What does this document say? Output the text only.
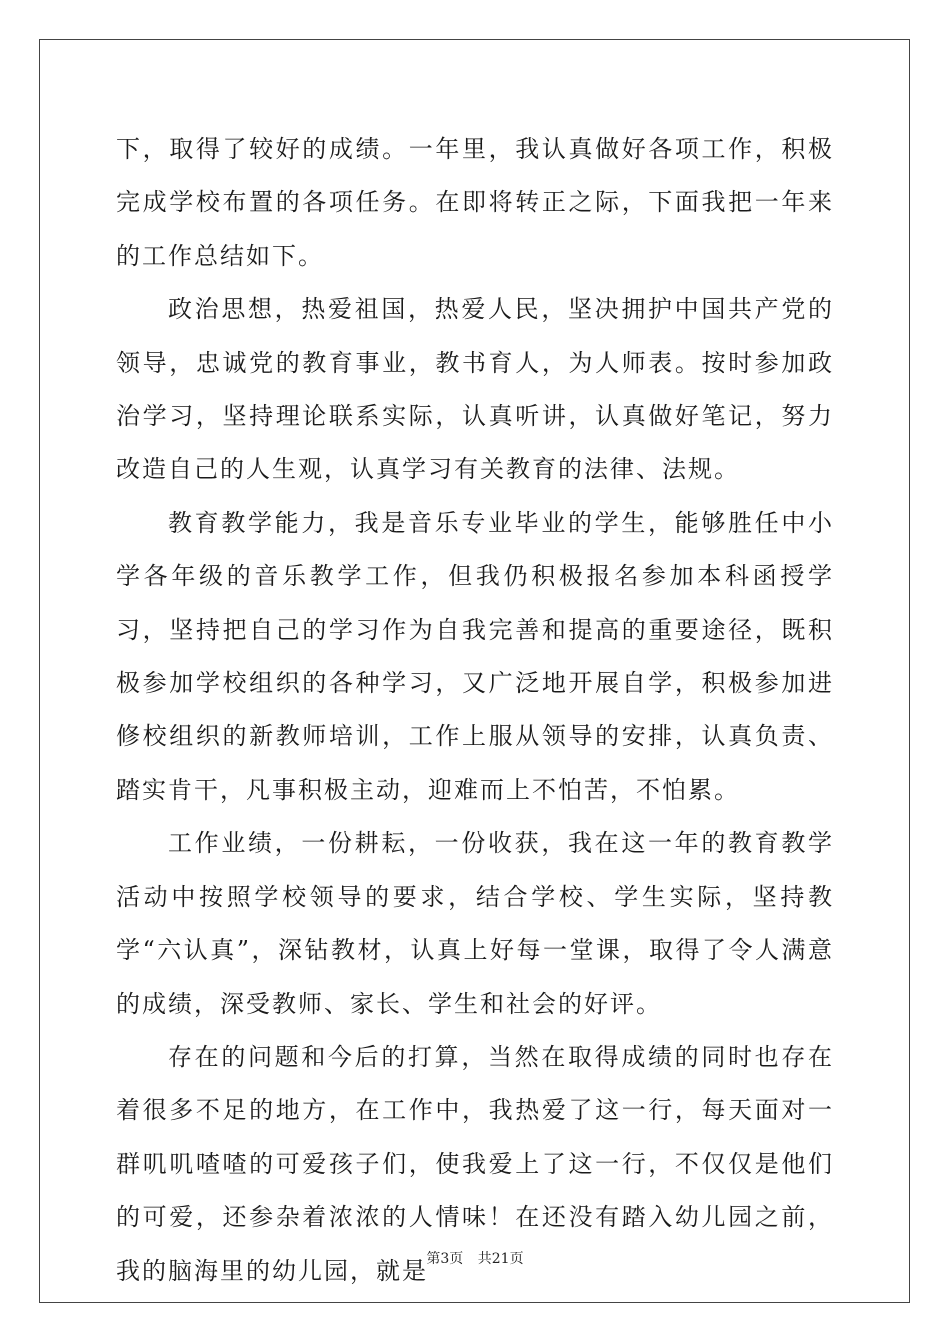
下，取得了较好的成绩。一年里，我认真做好各项工作，积极完成学校布置的各项任务。在即将转正之际，下面我把一年来的工作总结如下。

政治思想，热爱祖国，热爱人民，坚决拥护中国共产党的领导，忠诚党的教育事业，教书育人，为人师表。按时参加政治学习，坚持理论联系实际，认真听讲，认真做好笔记，努力改造自己的人生观，认真学习有关教育的法律、法规。

教育教学能力，我是音乐专业毕业的学生，能够胜任中小学各年级的音乐教学工作，但我仍积极报名参加本科函授学习，坚持把自己的学习作为自我完善和提高的重要途径，既积极参加学校组织的各种学习，又广泛地开展自学，积极参加进修校组织的新教师培训，工作上服从领导的安排，认真负责、踏实肯干，凡事积极主动，迎难而上不怕苦，不怕累。

工作业绩，一份耕耘，一份收获，我在这一年的教育教学活动中按照学校领导的要求，结合学校、学生实际，坚持教学“六认真”，深钻教材，认真上好每一堂课，取得了令人满意的成绩，深受教师、家长、学生和社会的好评。

存在的问题和今后的打算，当然在取得成绩的同时也存在着很多不足的地方，在工作中，我热爱了这一行，每天面对一群叽叽喳喳的可爱孩子们，使我爱上了这一行，不仅仅是他们的可爱，还参杂着浓浓的人情味！在还没有踏入幼儿园之前，我的脑海里的幼儿园，就是

第3页 共21页
